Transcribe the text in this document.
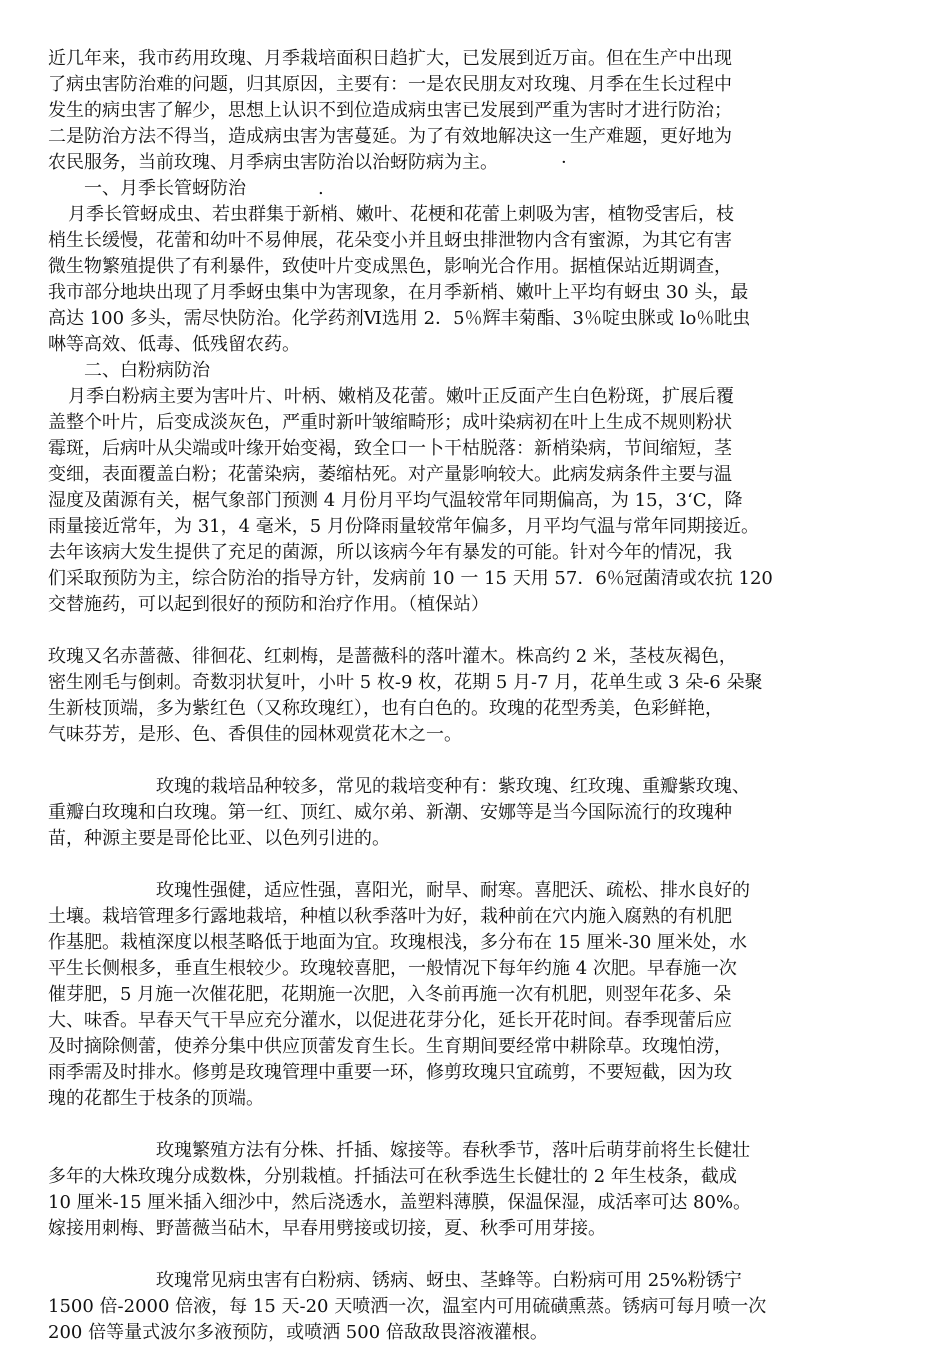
近几年来，我市药用玫瑰、月季栽培面积日趋扩大，已发展到近万亩。但在生产中出现
了病虫害防治难的问题，归其原因，主要有：一是农民朋友对玫瑰、月季在生长过程中
发生的病虫害了解少，思想上认识不到位造成病虫害已发展到严重为害时才进行防治；
二是防治方法不得当，造成病虫害为害蔓延。为了有效地解决这一生产难题，更好地为
农民服务，当前玫瑰、月季病虫害防治以治蚜防病为主。　　　　·
一、月季长管蚜防治　　　　.
月季长管蚜成虫、若虫群集于新梢、嫩叶、花梗和花蕾上刺吸为害，植物受害后，枝
梢生长缓慢，花蕾和幼叶不易伸展，花朵变小并且蚜虫排泄物内含有蜜源，为其它有害
微生物繁殖提供了有利暴件，致使叶片变成黑色，影响光合作用。据植保站近期调查，
我市部分地块出现了月季蚜虫集中为害现象，在月季新梢、嫩叶上平均有蚜虫 30 头，最
高达 100 多头，需尽快防治。化学药剂Ⅵ选用 2．5％辉丰菊酯、3％啶虫脒或 lo％吡虫
啉等高效、低毒、低残留农药。
二、白粉病防治
月季白粉病主要为害叶片、叶柄、嫩梢及花蕾。嫩叶正反面产生白色粉斑，扩展后覆
盖整个叶片，后变成淡灰色，严重时新叶皱缩畸形；成叶染病初在叶上生成不规则粉状
霉斑，后病叶从尖端或叶缘开始变褐，致全口一卜干枯脱落：新梢染病，节间缩短，茎
变细，表面覆盖白粉；花蕾染病，萎缩枯死。对产量影响较大。此病发病条件主要与温
湿度及菌源有关，椐气象部门预测 4 月份月平均气温较常年同期偏高，为 15，3‘C，降
雨量接近常年，为 31，4 毫米，5 月份降雨量较常年偏多，月平均气温与常年同期接近。
去年该病大发生提供了充足的菌源，所以该病今年有暴发的可能。针对今年的情况，我
们采取预防为主，综合防治的指导方针，发病前 10 一 15 天用 57．6％冠菌清或农抗 120
交替施药，可以起到很好的预防和治疗作用。（植保站）
玫瑰又名赤蔷薇、徘徊花、红刺梅，是蔷薇科的落叶灌木。株高约 2 米，茎枝灰褐色，
密生刚毛与倒刺。奇数羽状复叶，小叶 5 枚-9 枚，花期 5 月-7 月，花单生或 3 朵-6 朵聚
生新枝顶端，多为紫红色（又称玫瑰红），也有白色的。玫瑰的花型秀美，色彩鲜艳，
气味芬芳，是形、色、香俱佳的园林观赏花木之一。
玫瑰的栽培品种较多，常见的栽培变种有：紫玫瑰、红玫瑰、重瓣紫玫瑰、
重瓣白玫瑰和白玫瑰。第一红、顶红、威尔弟、新潮、安娜等是当今国际流行的玫瑰种
苗，种源主要是哥伦比亚、以色列引进的。
玫瑰性强健，适应性强，喜阳光，耐旱、耐寒。喜肥沃、疏松、排水良好的
土壤。栽培管理多行露地栽培，种植以秋季落叶为好，栽种前在穴内施入腐熟的有机肥
作基肥。栽植深度以根茎略低于地面为宜。玫瑰根浅，多分布在 15 厘米-30 厘米处，水
平生长侧根多，垂直生根较少。玫瑰较喜肥，一般情况下每年约施 4 次肥。早春施一次
催芽肥，5 月施一次催花肥，花期施一次肥，入冬前再施一次有机肥，则翌年花多、朵
大、味香。早春天气干旱应充分灌水，以促进花芽分化，延长开花时间。春季现蕾后应
及时摘除侧蕾，使养分集中供应顶蕾发育生长。生育期间要经常中耕除草。玫瑰怕涝，
雨季需及时排水。修剪是玫瑰管理中重要一环，修剪玫瑰只宜疏剪，不要短截，因为玫
瑰的花都生于枝条的顶端。
玫瑰繁殖方法有分株、扦插、嫁接等。春秋季节，落叶后萌芽前将生长健壮
多年的大株玫瑰分成数株，分别栽植。扦插法可在秋季选生长健壮的 2 年生枝条，截成
10 厘米-15 厘米插入细沙中，然后浇透水，盖塑料薄膜，保温保湿，成活率可达 80%。
嫁接用刺梅、野蔷薇当砧木，早春用劈接或切接，夏、秋季可用芽接。
玫瑰常见病虫害有白粉病、锈病、蚜虫、茎蜂等。白粉病可用 25%粉锈宁
1500 倍-2000 倍液，每 15 天-20 天喷洒一次，温室内可用硫磺熏蒸。锈病可每月喷一次
200 倍等量式波尔多液预防，或喷洒 500 倍敌敌畏溶液灌根。
